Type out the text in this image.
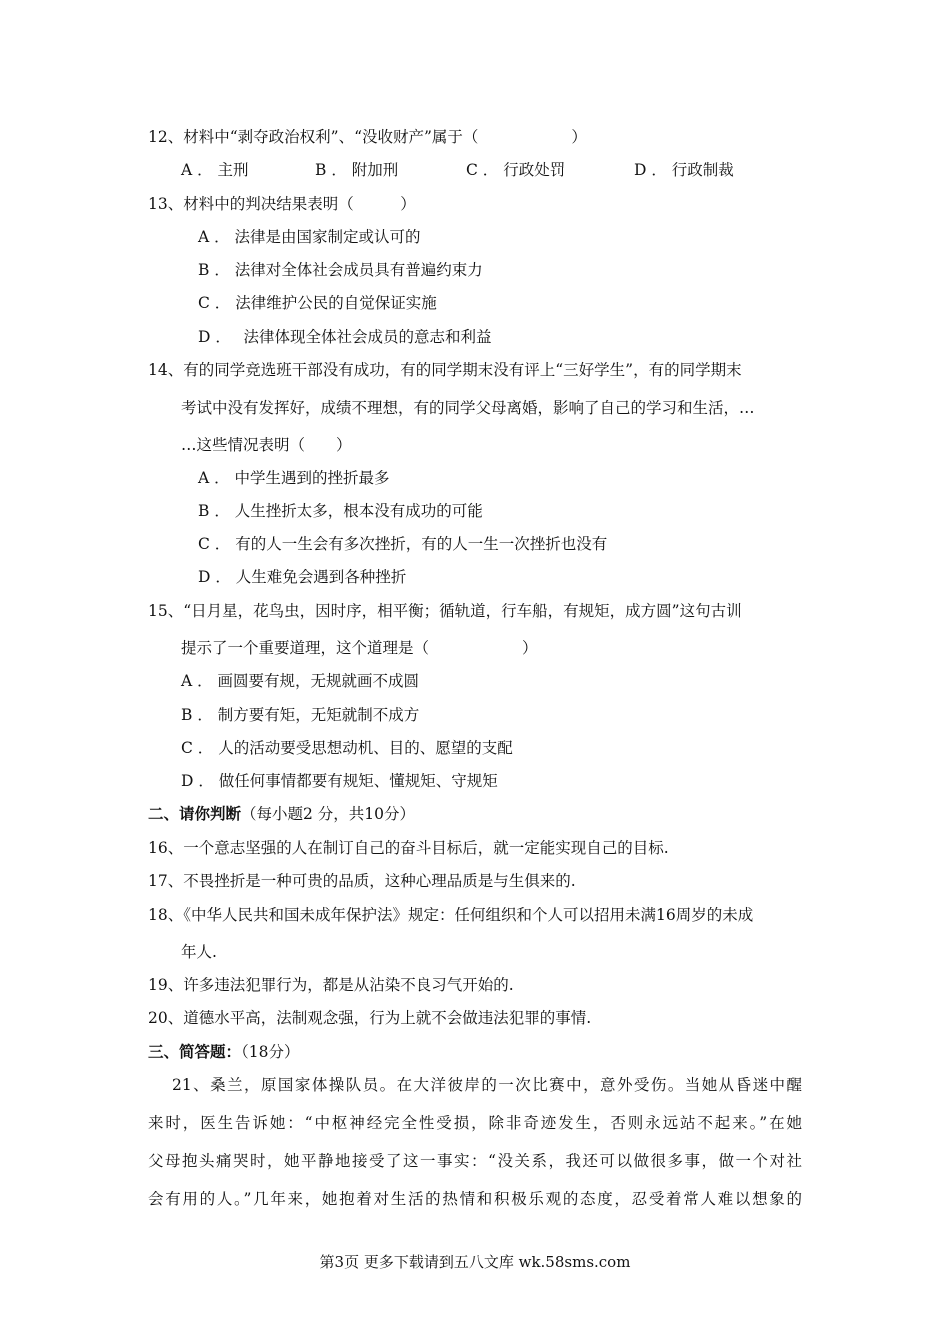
12、材料中“剥夺政治权利”、“没收财产”属于（　　　　　　）
A ． 主刑	B ． 附加刑	C ． 行政处罚	D ． 行政制裁
13、材料中的判决结果表明（　　　）
A ． 法律是由国家制定或认可的
B ． 法律对全体社会成员具有普遍约束力
C ． 法律维护公民的自觉保证实施
D ．　 法律体现全体社会成员的意志和利益
14、有的同学竞选班干部没有成功，有的同学期末没有评上“三好学生”，有的同学期末
考试中没有发挥好，成绩不理想，有的同学父母离婚，影响了自己的学习和生活，…
…这些情况表明（　　）
A ． 中学生遇到的挫折最多
B ． 人生挫折太多，根本没有成功的可能
C ． 有的人一生会有多次挫折，有的人一生一次挫折也没有
D ． 人生难免会遇到各种挫折
15、“日月星，花鸟虫，因时序，相平衡；循轨道，行车船，有规矩，成方圆”这句古训
提示了一个重要道理，这个道理是（　　　　　　）
A ． 画圆要有规，无规就画不成圆
B ． 制方要有矩，无矩就制不成方
C ． 人的活动要受思想动机、目的、愿望的支配
D ． 做任何事情都要有规矩、懂规矩、守规矩
二、请你判断（每小题2 分，共10分）
16、一个意志坚强的人在制订自己的奋斗目标后，就一定能实现自己的目标.
17、不畏挫折是一种可贵的品质，这种心理品质是与生俱来的.
18、《中华人民共和国未成年保护法》规定：任何组织和个人可以招用未满16周岁的未成
年人.
19、许多违法犯罪行为，都是从沾染不良习气开始的.
20、道德水平高，法制观念强，行为上就不会做违法犯罪的事情.
三、简答题：（18分）
21、桑兰，原国家体操队员。在大洋彼岸的一次比赛中，意外受伤。当她从昏迷中醒
来时，医生告诉她：“中枢神经完全性受损，除非奇迹发生，否则永远站不起来。”在她
父母抱头痛哭时，她平静地接受了这一事实：“没关系，我还可以做很多事，做一个对社
会有用的人。”几年来，她抱着对生活的热情和积极乐观的态度，忍受着常人难以想象的
第3页 更多下载请到五八文库 wk.58sms.com
